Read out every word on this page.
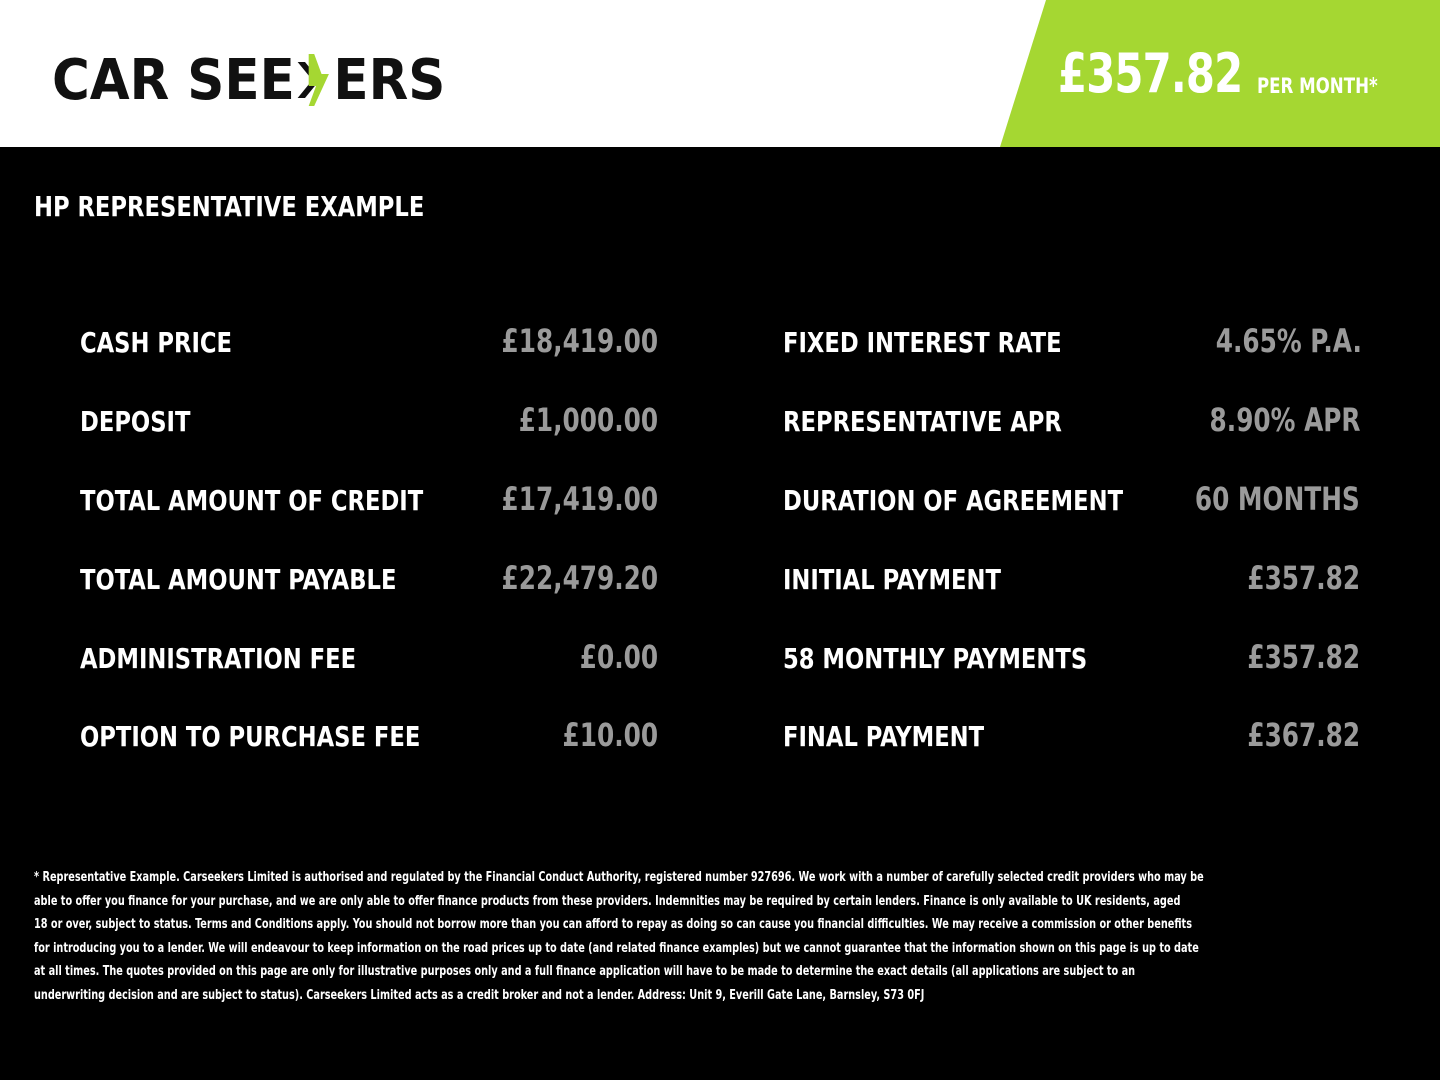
CAR SEE ERS	£357.82 PER MONTH*
HP REPRESENTATIVE EXAMPLE
CASH PRICE	£18,419.00
DEPOSIT	£1,000.00
TOTAL AMOUNT OF CREDIT £17,419.00
TOTAL AMOUNT PAYABLE	£22,479.20
ADMINISTRATION FEE	£0.00
OPTION TO PURCHASE FEE	£10.00
FIXED INTEREST RATE	4.65% P.A.
REPRESENTATIVE APR	8.90% APR
DURATION OF AGREEMENT 60 MONTHS
INITIAL PAYMENT	£357.82
58 MONTHLY PAYMENTS	£357.82
FINAL PAYMENT	£367.82
* Representative Example. Carseekers Limited is authorised and regulated by the Financial Conduct Authority, registered number 927696. We work with a number of carefully selected credit providers who may be
able to offer you finance for your purchase, and we are only able to offer finance products from these providers. Indemnities may be required by certain lenders. Finance is only available to UK residents, aged
18 or over, subject to status. Terms and Conditions apply. You should not borrow more than you can afford to repay as doing so can cause you financial difficulties. We may receive a commission or other benefits
for introducing you to a lender. We will endeavour to keep information on the road prices up to date (and related finance examples) but we cannot guarantee that the information shown on this page is up to date
at all times. The quotes provided on this page are only for illustrative purposes only and a full finance application will have to be made to determine the exact details (all applications are subject to an
underwriting decision and are subject to status). Carseekers Limited acts as a credit broker and not a lender. Address: Unit 9, Everill Gate Lane, Barnsley, S73 0FJ
